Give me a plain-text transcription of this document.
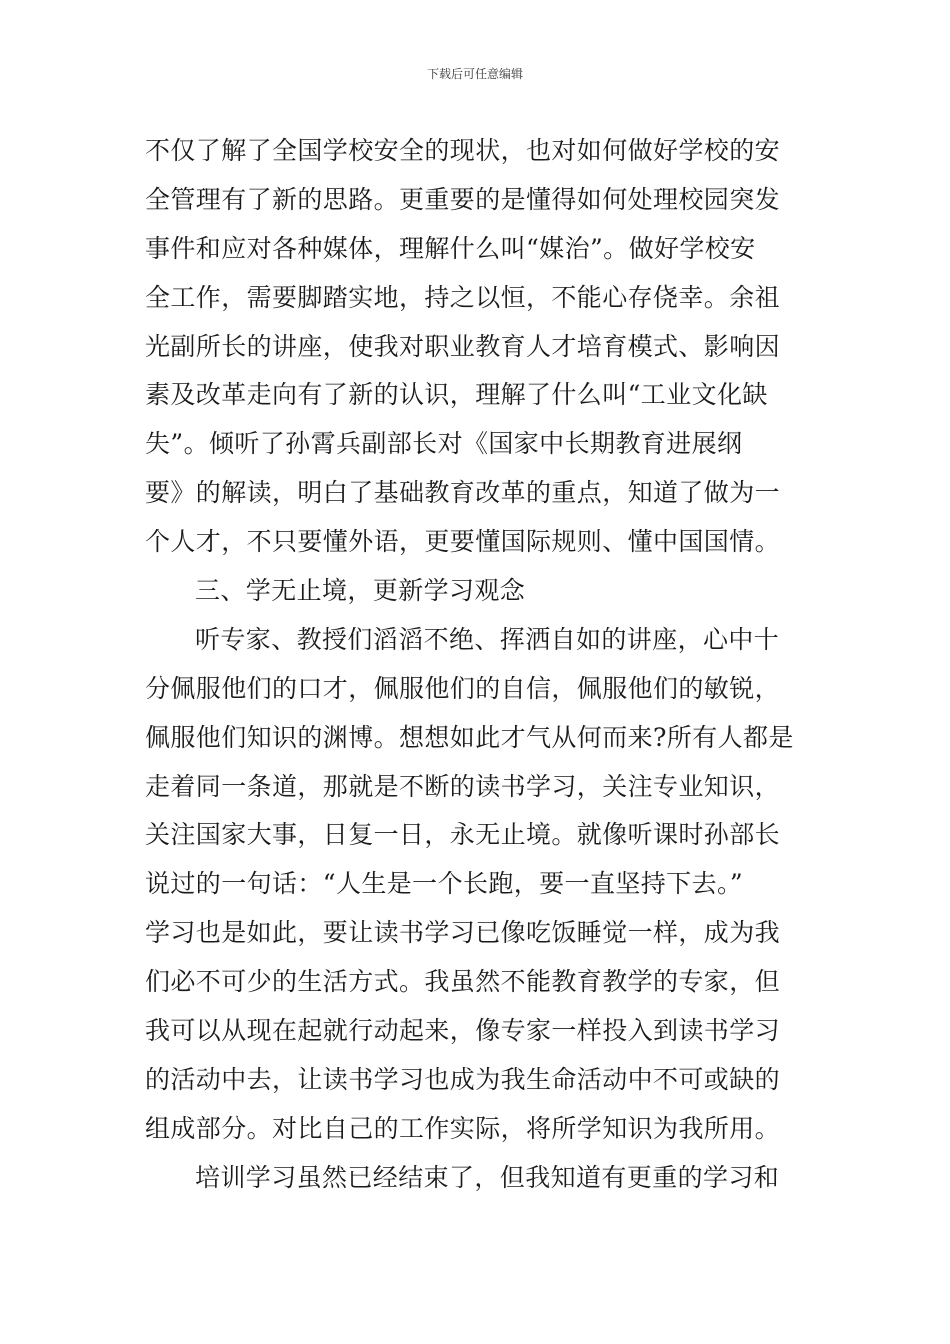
下载后可任意编辑
不仅了解了全国学校安全的现状，也对如何做好学校的安
全管理有了新的思路。更重要的是懂得如何处理校园突发
事件和应对各种媒体，理解什么叫“媒治”。做好学校安
全工作，需要脚踏实地，持之以恒，不能心存侥幸。余祖
光副所长的讲座，使我对职业教育人才培育模式、影响因
素及改革走向有了新的认识，理解了什么叫“工业文化缺
失”。倾听了孙霄兵副部长对《国家中长期教育进展纲
要》的解读，明白了基础教育改革的重点，知道了做为一
个人才，不只要懂外语，更要懂国际规则、懂中国国情。
三、学无止境，更新学习观念
听专家、教授们滔滔不绝、挥洒自如的讲座，心中十
分佩服他们的口才，佩服他们的自信，佩服他们的敏锐，
佩服他们知识的渊博。想想如此才气从何而来?所有人都是
走着同一条道，那就是不断的读书学习，关注专业知识，
关注国家大事，日复一日，永无止境。就像听课时孙部长
说过的一句话：“人生是一个长跑，要一直坚持下去。”
学习也是如此，要让读书学习已像吃饭睡觉一样，成为我
们必不可少的生活方式。我虽然不能教育教学的专家，但
我可以从现在起就行动起来，像专家一样投入到读书学习
的活动中去，让读书学习也成为我生命活动中不可或缺的
组成部分。对比自己的工作实际，将所学知识为我所用。
培训学习虽然已经结束了，但我知道有更重的学习和
